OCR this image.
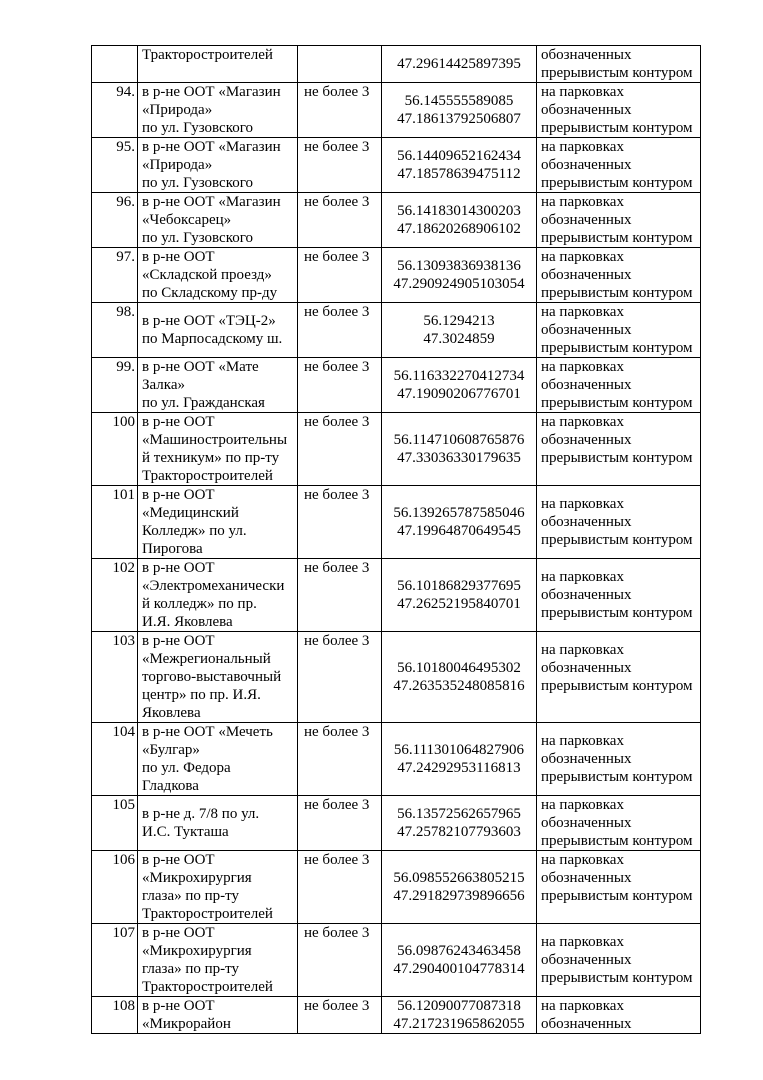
	Тракторостроителей		47.29614425897395	обозначенных
прерывистым контуром
94.	в р-не ООТ «Магазин
«Природа»
по ул. Гузовского	не более 3	56.145555589085
47.18613792506807	на парковках
обозначенных
прерывистым контуром
95.	в р-не ООТ «Магазин
«Природа»
по ул. Гузовского	не более 3	56.14409652162434
47.18578639475112	на парковках
обозначенных
прерывистым контуром
96.	в р-не ООТ «Магазин
«Чебоксарец»
по ул. Гузовского	не более 3	56.14183014300203
47.18620268906102	на парковках
обозначенных
прерывистым контуром
97.	в р-не ООТ
«Складской проезд»
по Складскому пр-ду	не более 3	56.13093836938136
47.290924905103054	на парковках
обозначенных
прерывистым контуром
98.	в р-не ООТ «ТЭЦ-2»
по Марпосадскому ш.	не более 3	56.1294213
47.3024859	на парковках
обозначенных
прерывистым контуром
99.	в р-не ООТ «Мате
Залка»
по ул. Гражданская	не более 3	56.116332270412734
47.19090206776701	на парковках
обозначенных
прерывистым контуром
100	в р-не ООТ
«Машиностроительны
й техникум» по пр-ту
Тракторостроителей	не более 3	56.114710608765876
47.33036330179635	на парковках
обозначенных
прерывистым контуром
101	в р-не ООТ
«Медицинский
Колледж» по ул.
Пирогова	не более 3	56.139265787585046
47.19964870649545	на парковках
обозначенных
прерывистым контуром
102	в р-не ООТ
«Электромеханически
й колледж» по пр.
И.Я. Яковлева	не более 3	56.10186829377695
47.26252195840701	на парковках
обозначенных
прерывистым контуром
103	в р-не ООТ
«Межрегиональный
торгово-выставочный
центр» по пр. И.Я.
Яковлева	не более 3	56.10180046495302
47.263535248085816	на парковках
обозначенных
прерывистым контуром
104	в р-не ООТ «Мечеть
«Булгар»
по ул. Федора
Гладкова	не более 3	56.111301064827906
47.24292953116813	на парковках
обозначенных
прерывистым контуром
105	в р-не д. 7/8 по ул.
И.С. Тукташа	не более 3	56.13572562657965
47.25782107793603	на парковках
обозначенных
прерывистым контуром
106	в р-не ООТ
«Микрохирургия
глаза» по пр-ту
Тракторостроителей	не более 3	56.098552663805215
47.291829739896656	на парковках
обозначенных
прерывистым контуром
107	в р-не ООТ
«Микрохирургия
глаза» по пр-ту
Тракторостроителей	не более 3	56.09876243463458
47.290400104778314	на парковках
обозначенных
прерывистым контуром
108	в р-не ООТ
«Микрорайон	не более 3	56.12090077087318
47.217231965862055	на парковках
обозначенных
